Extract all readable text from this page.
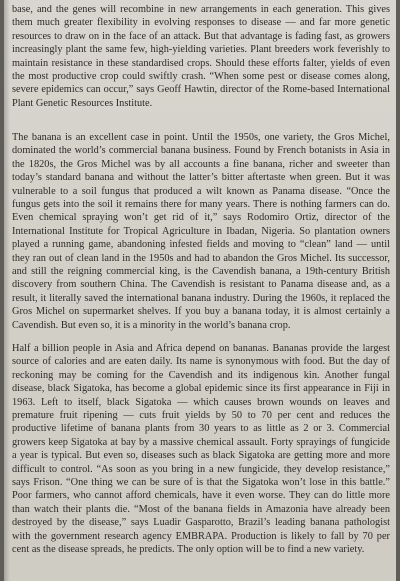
base, and the genes will recombine in new arrangements in each generation. This gives them much greater flexibility in evolving responses to disease — and far more genetic resources to draw on in the face of an attack. But that advantage is fading fast, as growers increasingly plant the same few, high-yielding varieties. Plant breeders work feverishly to maintain resistance in these standardised crops. Should these efforts falter, yields of even the most productive crop could swiftly crash. “When some pest or disease comes along, severe epidemics can occur,” says Geoff Hawtin, director of the Rome-based International Plant Genetic Resources Institute.

The banana is an excellent case in point. Until the 1950s, one variety, the Gros Michel, dominated the world’s commercial banana business. Found by French botanists in Asia in the 1820s, the Gros Michel was by all accounts a fine banana, richer and sweeter than today’s standard banana and without the latter’s bitter aftertaste when green. But it was vulnerable to a soil fungus that produced a wilt known as Panama disease. “Once the fungus gets into the soil it remains there for many years. There is nothing farmers can do. Even chemical spraying won’t get rid of it,” says Rodomiro Ortiz, director of the International Institute for Tropical Agriculture in Ibadan, Nigeria. So plantation owners played a running game, abandoning infested fields and moving to “clean” land — until they ran out of clean land in the 1950s and had to abandon the Gros Michel. Its successor, and still the reigning commercial king, is the Cavendish banana, a 19th-century British discovery from southern China. The Cavendish is resistant to Panama disease and, as a result, it literally saved the international banana industry. During the 1960s, it replaced the Gros Michel on supermarket shelves. If you buy a banana today, it is almost certainly a Cavendish. But even so, it is a minority in the world’s banana crop.

Half a billion people in Asia and Africa depend on bananas. Bananas provide the largest source of calories and are eaten daily. Its name is synonymous with food. But the day of reckoning may be coming for the Cavendish and its indigenous kin. Another fungal disease, black Sigatoka, has become a global epidemic since its first appearance in Fiji in 1963. Left to itself, black Sigatoka — which causes brown wounds on leaves and premature fruit ripening — cuts fruit yields by 50 to 70 per cent and reduces the productive lifetime of banana plants from 30 years to as little as 2 or 3. Commercial growers keep Sigatoka at bay by a massive chemical assault. Forty sprayings of fungicide a year is typical. But even so, diseases such as black Sigatoka are getting more and more difficult to control. “As soon as you bring in a new fungicide, they develop resistance,” says Frison. “One thing we can be sure of is that the Sigatoka won’t lose in this battle.” Poor farmers, who cannot afford chemicals, have it even worse. They can do little more than watch their plants die. “Most of the banana fields in Amazonia have already been destroyed by the disease,” says Luadir Gasparotto, Brazil’s leading banana pathologist with the government research agency EMBRAPA. Production is likely to fall by 70 per cent as the disease spreads, he predicts. The only option will be to find a new variety.
